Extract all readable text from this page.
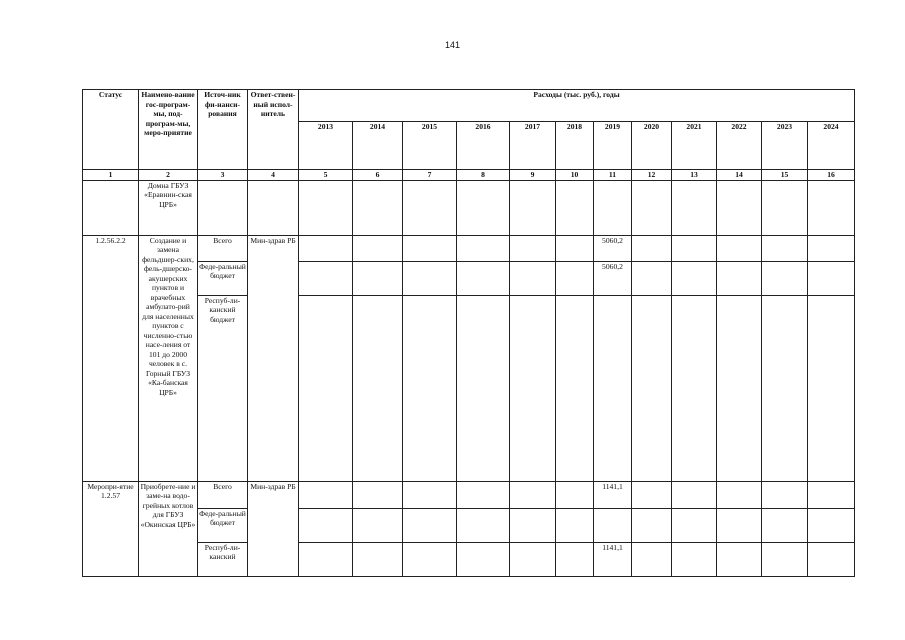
141
Статус	Наимено-вание гос-програм-мы, под-програм-мы, меро-приятие	Источ-ник фи-нанси-рования	Ответ-ствен-ный испол-нитель	Расходы (тыс. руб.), годы											
				2013	2014	2015	2016	2017	2018	2019	2020	2021	2022	2023	2024
1	2	3	4	5	6	7	8	9	10	11	12	13	14	15	16
	Домна ГБУЗ «Еравнин-ская ЦРБ»														
1.2.56.2.2	Создание и замена фельдшер-ских, фель-дшерско-акушерских пунктов и врачебных амбулато-рий для населенных пунктов с численно-стью насе-ления от 101 до 2000 человек в с. Горный ГБУЗ «Ка-банская ЦРБ»	Всего	Мин-здрав РБ							5060,2					
		Феде-ральный бюджет								5060,2					
		Респуб-ли-канский бюджет													
Меропри-ятие 1.2.57	Приобрете-ние и заме-на водо-грейных котлов для ГБУЗ «Окинская ЦРБ»	Всего	Мин-здрав РБ							1141,1					
		Феде-ральный бюджет													
		Респуб-ли-канский								1141,1					
